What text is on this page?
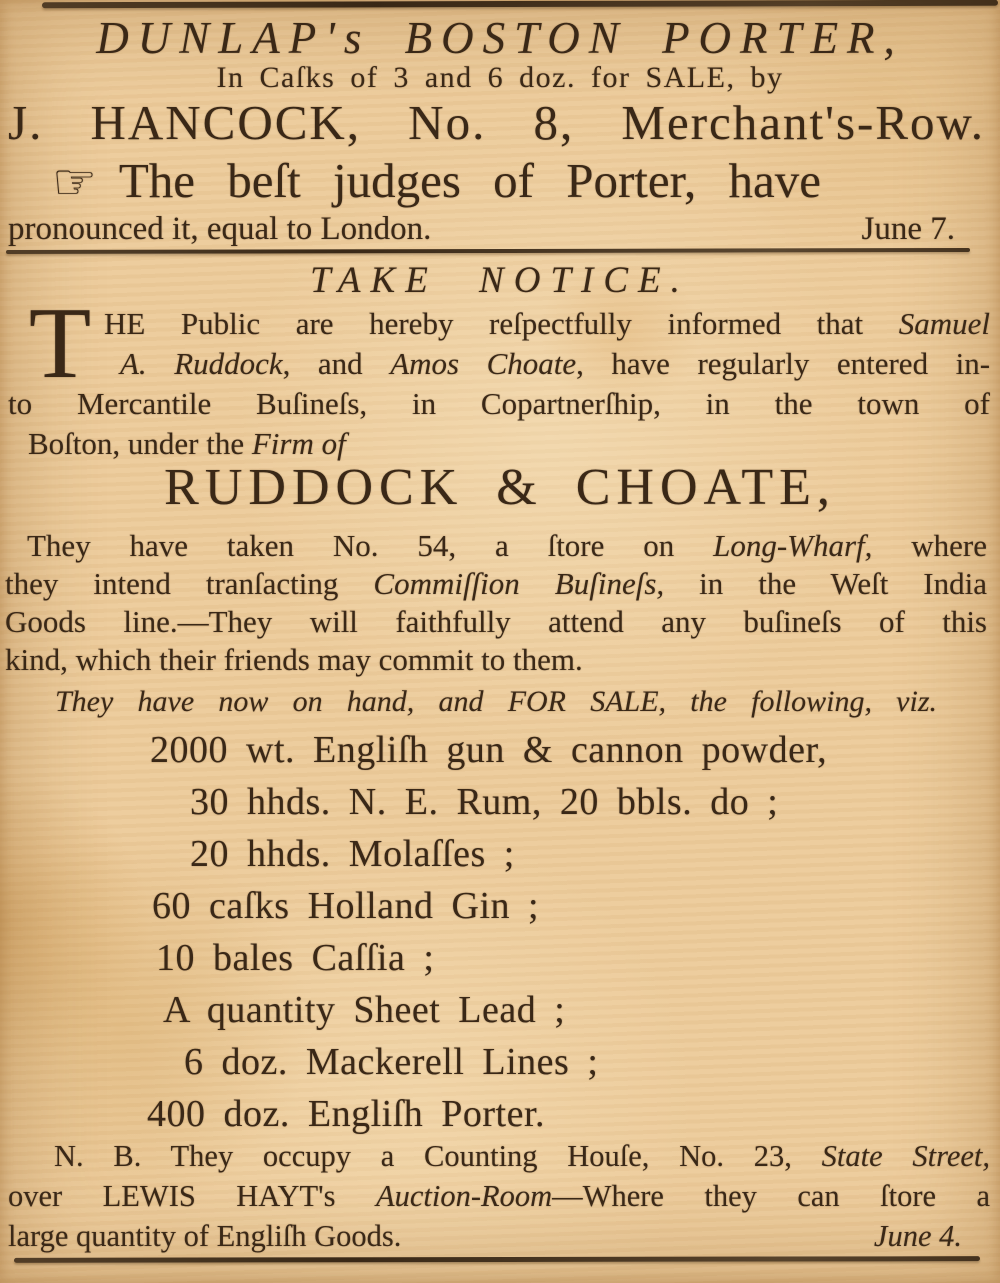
DUNLAP's BOSTON PORTER,
In Caſks of 3 and 6 doz. for SALE, by
J. HANCOCK, No. 8, Merchant's-Row.
☞ The beſt judges of Porter, have
pronounced it, equal to London.	June 7.
TAKE NOTICE.
T HE Public are hereby reſpectfully informed that Samuel
A. Ruddock, and Amos Choate, have regularly entered in-
to Mercantile Buſineſs, in Copartnerſhip, in the town of
Boſton, under the Firm of
RUDDOCK & CHOATE,
They have taken No. 54, a ſtore on Long-Wharf, where
they intend tranſacting Commiſſion Buſineſs, in the Weſt India
Goods line.—They will faithfully attend any buſineſs of this
kind, which their friends may commit to them.
They have now on hand, and FOR SALE, the following, viz.
2000 wt. Engliſh gun & cannon powder,
30 hhds. N. E. Rum, 20 bbls. do ;
20 hhds. Molaſſes ;
60 caſks Holland Gin ;
10 bales Caſſia ;
A quantity Sheet Lead ;
6 doz. Mackerell Lines ;
400 doz. Engliſh Porter.
N. B. They occupy a Counting Houſe, No. 23, State Street,
over LEWIS HAYT's Auction-Room—Where they can ſtore a
large quantity of Engliſh Goods.	June 4.
